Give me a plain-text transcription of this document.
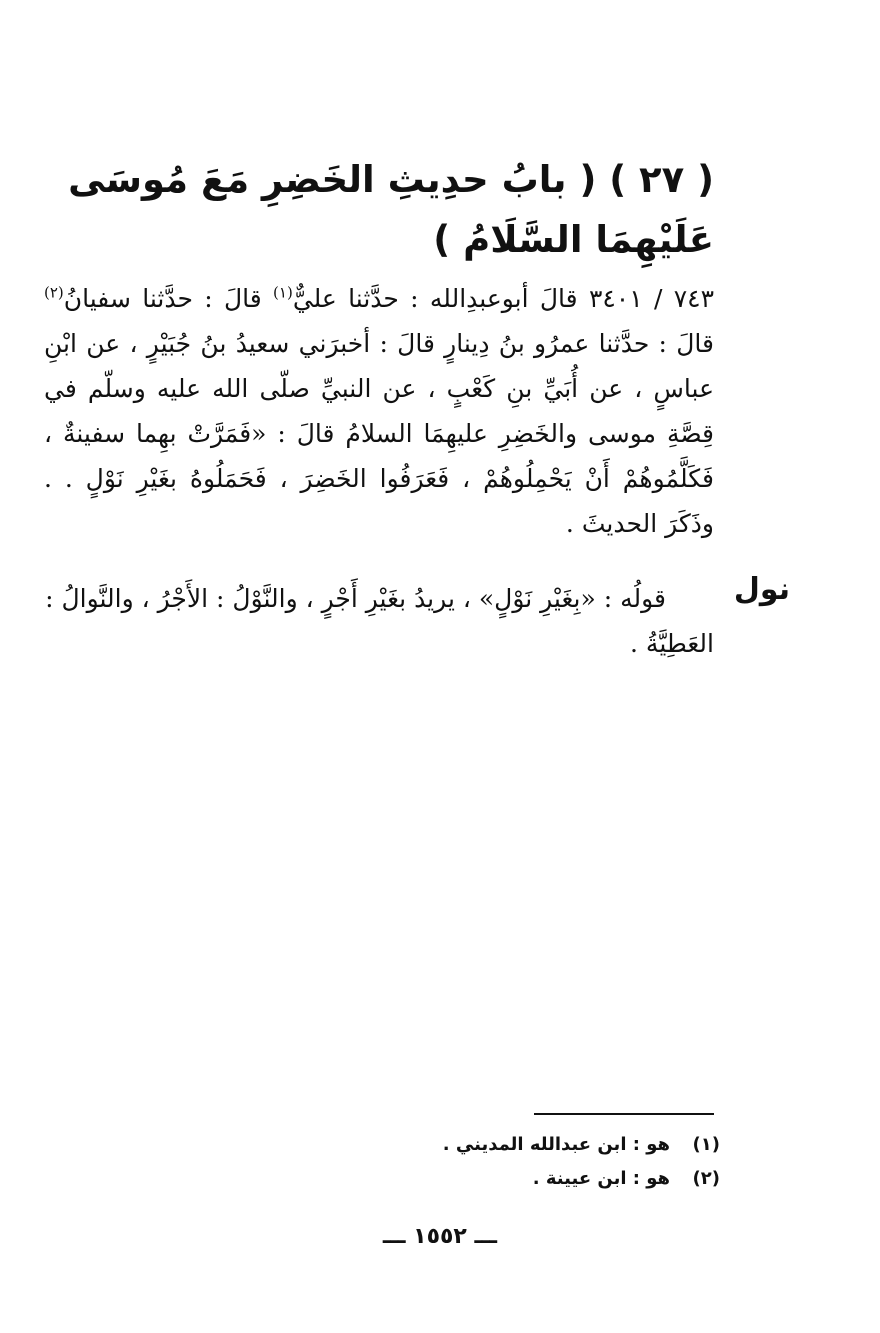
( ٢٧ ) ( بابُ حدِيثِ الخَضِرِ مَعَ مُوسَى عَلَيْهِمَا السَّلَامُ )

٧٤٣ / ٣٤٠١ قالَ أبوعبدِالله : حدَّثنا عليٌّ$^{(١)}$ قالَ : حدَّثنا سفيانُ$^{(٢)}$ قالَ : حدَّثنا عمرُو بنُ دِينارٍ قالَ : أخبرَني سعيدُ بنُ جُبَيْرٍ ، عن ابْنِ عباسٍ ، عن أُبَيِّ بنِ كَعْبٍ ، عن النبيِّ صلّى الله عليه وسلّم في قِصَّةِ موسى والخَضِرِ عليهِمَا السلامُ قالَ : «فَمَرَّتْ بهِما سفينةٌ ، فَكَلَّمُوهُمْ أَنْ يَحْمِلُوهُمْ ، فَعَرَفُوا الخَضِرَ ، فَحَمَلُوهُ بغَيْرِ نَوْلٍ . . وذَكَرَ الحديثَ .

نول

قولُه : «بِغَيْرِ نَوْلٍ» ، يريدُ بغَيْرِ أَجْرٍ ، والنَّوْلُ : الأَجْرُ ، والنَّوالُ : العَطِيَّةُ .

(١)
هو : ابن عبدالله المديني .
(٢)
هو : ابن عيينة .
ـــ ١٥٥٢ ـــ
